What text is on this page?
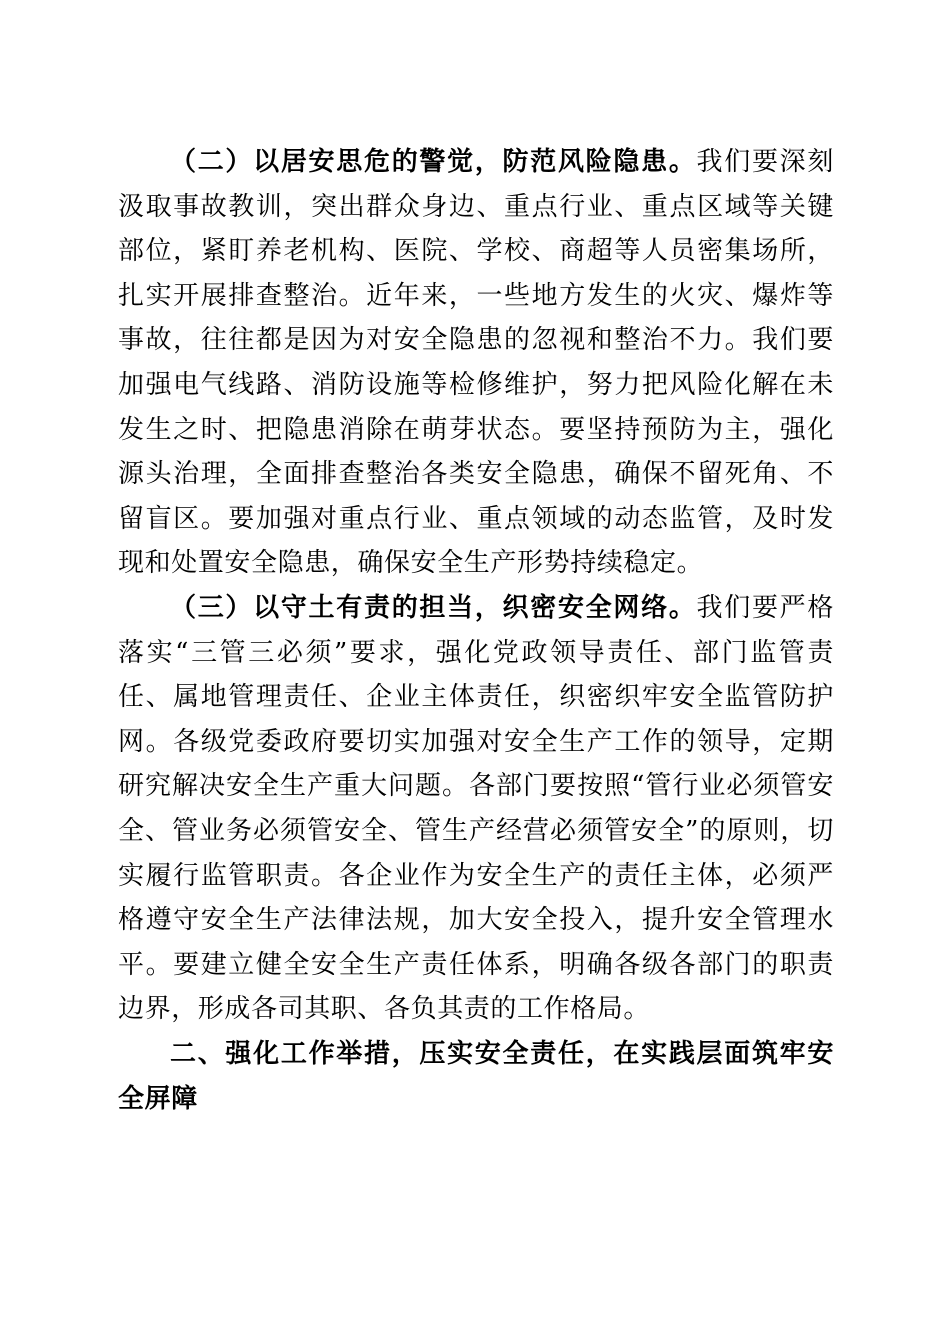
（二）以居安思危的警觉，防范风险隐患。我们要深刻汲取事故教训，突出群众身边、重点行业、重点区域等关键部位，紧盯养老机构、医院、学校、商超等人员密集场所，扎实开展排查整治。近年来，一些地方发生的火灾、爆炸等事故，往往都是因为对安全隐患的忽视和整治不力。我们要加强电气线路、消防设施等检修维护，努力把风险化解在未发生之时、把隐患消除在萌芽状态。要坚持预防为主，强化源头治理，全面排查整治各类安全隐患，确保不留死角、不留盲区。要加强对重点行业、重点领域的动态监管，及时发现和处置安全隐患，确保安全生产形势持续稳定。

（三）以守土有责的担当，织密安全网络。我们要严格落实“三管三必须”要求，强化党政领导责任、部门监管责任、属地管理责任、企业主体责任，织密织牢安全监管防护网。各级党委政府要切实加强对安全生产工作的领导，定期研究解决安全生产重大问题。各部门要按照“管行业必须管安全、管业务必须管安全、管生产经营必须管安全”的原则，切实履行监管职责。各企业作为安全生产的责任主体，必须严格遵守安全生产法律法规，加大安全投入，提升安全管理水平。要建立健全安全生产责任体系，明确各级各部门的职责边界，形成各司其职、各负其责的工作格局。

二、强化工作举措，压实安全责任，在实践层面筑牢安全屏障
